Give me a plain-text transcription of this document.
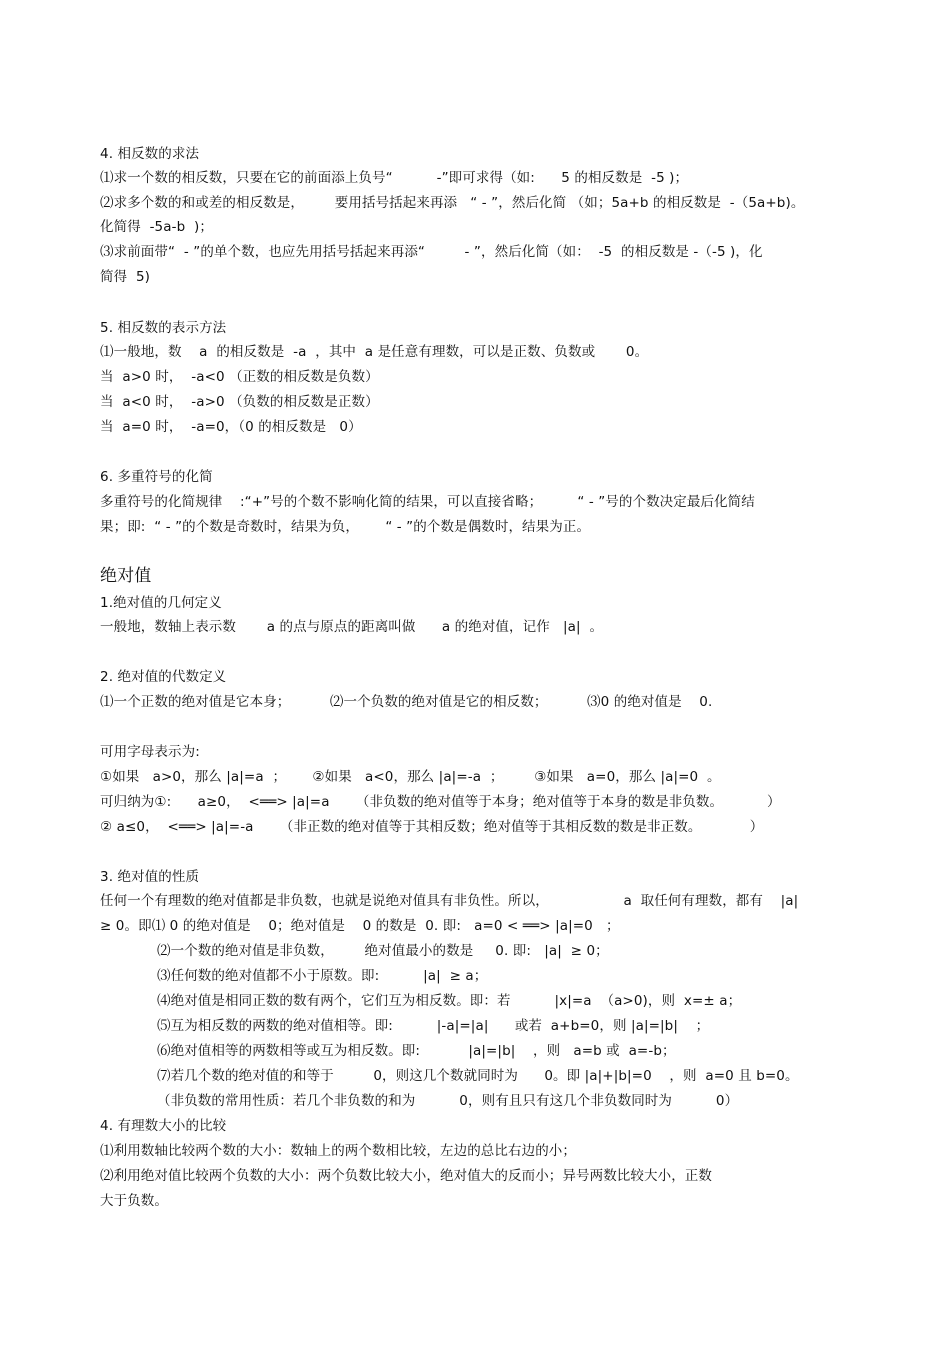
4. 相反数的求法
⑴求一个数的相反数，只要在它的前面添上负号“          -”即可求得（如:      5 的相反数是  -5 )；
⑵求多个数的和或差的相反数是，       要用括号括起来再添   “ - ”，然后化简 （如；5a+b 的相反数是  -（5a+b)。
化简得  -5a-b  )；
⑶求前面带“  - ”的单个数，也应先用括号括起来再添“         - ”，然后化简（如：  -5  的相反数是 -（-5 )，化
简得  5)
5. 相反数的表示方法
⑴一般地，数    a  的相反数是  -a  ，其中  a 是任意有理数，可以是正数、负数或       0。
当  a>0 时，  -a<0 （正数的相反数是负数）
当  a<0 时，  -a>0 （负数的相反数是正数）
当  a=0 时，  -a=0，（0 的相反数是   0）
6. 多重符号的化简
多重符号的化简规律    :“+”号的个数不影响化简的结果，可以直接省略；        “ - ”号的个数决定最后化简结
果；即:  “ - ”的个数是奇数时，结果为负，      “ - ”的个数是偶数时，结果为正。
绝对值
1.绝对值的几何定义
一般地，数轴上表示数       a 的点与原点的距离叫做      a 的绝对值，记作   |a|  。
2. 绝对值的代数定义
⑴一个正数的绝对值是它本身；         ⑵一个负数的绝对值是它的相反数；         ⑶0 的绝对值是    0.
可用字母表示为:
①如果   a>0，那么 |a|=a  ；      ②如果   a<0，那么 |a|=-a  ；       ③如果   a=0，那么 |a|=0  。
可归纳为①:      a≥0，  <══> |a|=a      （非负数的绝对值等于本身；绝对值等于本身的数是非负数。          ）
② a≤0，  <══> |a|=-a      （非正数的绝对值等于其相反数；绝对值等于其相反数的数是非正数。           ）
3. 绝对值的性质
任何一个有理数的绝对值都是非负数，也就是说绝对值具有非负性。所以，                 a  取任何有理数，都有    |a|
≥ 0。即⑴ 0 的绝对值是    0；绝对值是    0 的数是  0. 即:   a=0 < ══> |a|=0   ；
⑵一个数的绝对值是非负数，       绝对值最小的数是     0. 即:   |a|  ≥ 0；
⑶任何数的绝对值都不小于原数。即:          |a|  ≥ a；
⑷绝对值是相同正数的数有两个，它们互为相反数。即：若          |x|=a  （a>0)，则  x=± a；
⑸互为相反数的两数的绝对值相等。即:          |-a|=|a|      或若  a+b=0，则 |a|=|b|    ；
⑹绝对值相等的两数相等或互为相反数。即:           |a|=|b|    ，则   a=b 或  a=-b；
⑺若几个数的绝对值的和等于         0，则这几个数就同时为      0。即 |a|+|b|=0    ，则  a=0 且 b=0。
（非负数的常用性质：若几个非负数的和为          0，则有且只有这几个非负数同时为          0）
4. 有理数大小的比较
⑴利用数轴比较两个数的大小：数轴上的两个数相比较，左边的总比右边的小；
⑵利用绝对值比较两个负数的大小：两个负数比较大小，绝对值大的反而小；异号两数比较大小，正数
大于负数。
